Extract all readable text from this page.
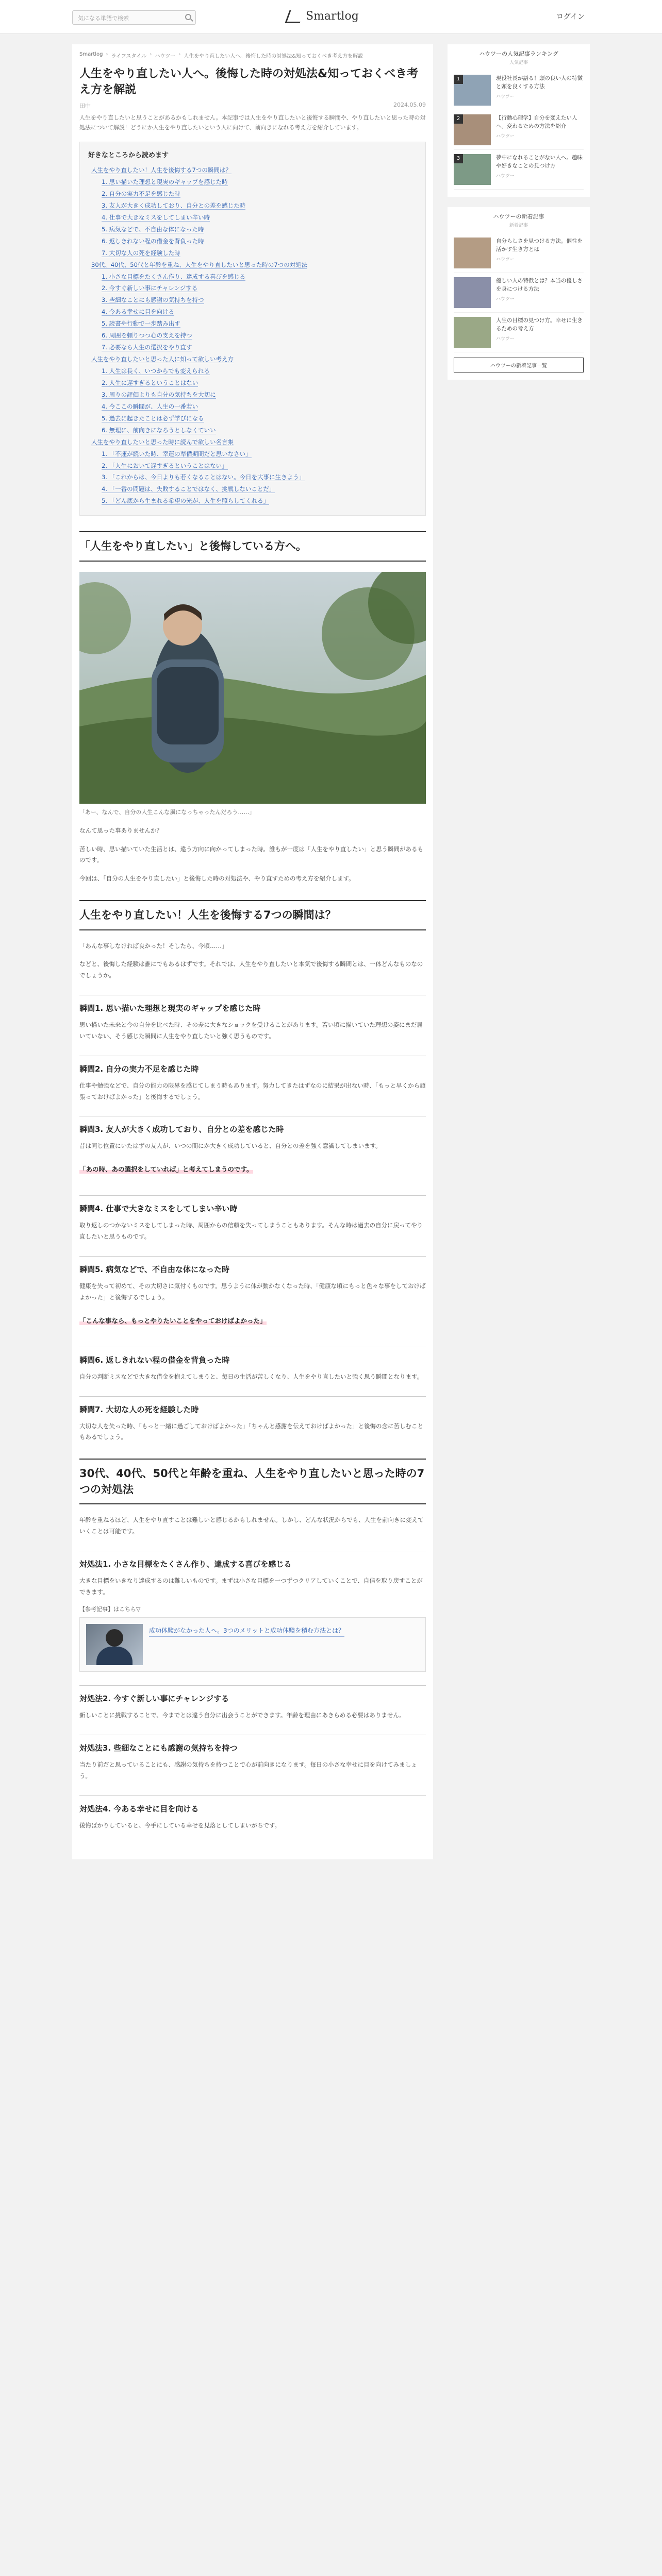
気になる単語で検索	Smartlog	ログイン
Smartlog › ライフスタイル › ハウツー › 人生をやり直したい人へ。後悔した時の対処法&知っておくべき考え方を解説
人生をやり直したい人へ。後悔した時の対処法&知っておくべき考え方を解説
田中	2024.05.09

人生をやり直したいと思うことがあるかもしれません。本記事では人生をやり直したいと後悔する瞬間や、やり直したいと思った時の対処法について解説！どうにか人生をやり直したいという人に向けて、前向きになれる考え方を紹介しています。

好きなところから読めます
人生をやり直したい！人生を後悔する7つの瞬間は？
1. 思い描いた理想と現実のギャップを感じた時
2. 自分の実力不足を感じた時
3. 友人が大きく成功しており、自分との差を感じた時
4. 仕事で大きなミスをしてしまい辛い時
5. 病気などで、不自由な体になった時
6. 返しきれない程の借金を背負った時
7. 大切な人の死を経験した時
30代、40代、50代と年齢を重ね、人生をやり直したいと思った時の7つの対処法
1. 小さな目標をたくさん作り、達成する喜びを感じる
2. 今すぐ新しい事にチャレンジする
3. 些細なことにも感謝の気持ちを持つ
4. 今ある幸せに目を向ける
5. 読書や行動で一歩踏み出す
6. 周囲を頼りつつ心の支えを持つ
7. 必要なら人生の選択をやり直す
人生をやり直したいと思った人に知って欲しい考え方
1. 人生は長く、いつからでも変えられる
2. 人生に遅すぎるということはない
3. 周りの評価よりも自分の気持ちを大切に
4. 今ここの瞬間が、人生の一番若い
5. 過去に起きたことは必ず学びになる
6. 無理に、前向きになろうとしなくていい
人生をやり直したいと思った時に読んで欲しい名言集
1. 「不運が続いた時、幸運の準備期間だと思いなさい」
2. 「人生において遅すぎるということはない」
3. 「これからは、今日よりも若くなることはない。今日を大事に生きよう」
4. 「一番の問題は、失敗することではなく、挑戦しないことだ」
5. 「どん底から生まれる希望の光が、人生を照らしてくれる」
「人生をやり直したい」と後悔している方へ。

「あー、なんで、自分の人生こんな風になっちゃったんだろう……」

なんて思った事ありませんか？

苦しい時、思い描いていた生活とは、違う方向に向かってしまった時。誰もが一度は「人生をやり直したい」と思う瞬間があるものです。

今回は、「自分の人生をやり直したい」と後悔した時の対処法や、やり直すための考え方を紹介します。

人生をやり直したい！人生を後悔する7つの瞬間は？

「あんな事しなければ良かった！そしたら、今頃……」

などと、後悔した経験は誰にでもあるはずです。それでは、人生をやり直したいと本気で後悔する瞬間とは、一体どんなものなのでしょうか。

瞬間1. 思い描いた理想と現実のギャップを感じた時

思い描いた未来と今の自分を比べた時、その差に大きなショックを受けることがあります。若い頃に描いていた理想の姿にまだ届いていない、そう感じた瞬間に人生をやり直したいと強く思うものです。

瞬間2. 自分の実力不足を感じた時

仕事や勉強などで、自分の能力の限界を感じてしまう時もあります。努力してきたはずなのに結果が出ない時、「もっと早くから頑張っておけばよかった」と後悔するでしょう。

瞬間3. 友人が大きく成功しており、自分との差を感じた時

昔は同じ位置にいたはずの友人が、いつの間にか大きく成功していると、自分との差を強く意識してしまいます。

「あの時、あの選択をしていれば」と考えてしまうのです。
瞬間4. 仕事で大きなミスをしてしまい辛い時

取り返しのつかないミスをしてしまった時、周囲からの信頼を失ってしまうこともあります。そんな時は過去の自分に戻ってやり直したいと思うものです。

瞬間5. 病気などで、不自由な体になった時

健康を失って初めて、その大切さに気付くものです。思うように体が動かなくなった時、「健康な頃にもっと色々な事をしておけばよかった」と後悔するでしょう。

「こんな事なら、もっとやりたいことをやっておけばよかった」
瞬間6. 返しきれない程の借金を背負った時

自分の判断ミスなどで大きな借金を抱えてしまうと、毎日の生活が苦しくなり、人生をやり直したいと強く思う瞬間となります。

瞬間7. 大切な人の死を経験した時

大切な人を失った時、「もっと一緒に過ごしておけばよかった」「ちゃんと感謝を伝えておけばよかった」と後悔の念に苦しむこともあるでしょう。

30代、40代、50代と年齢を重ね、人生をやり直したいと思った時の7つの対処法

年齢を重ねるほど、人生をやり直すことは難しいと感じるかもしれません。しかし、どんな状況からでも、人生を前向きに変えていくことは可能です。

対処法1. 小さな目標をたくさん作り、達成する喜びを感じる

大きな目標をいきなり達成するのは難しいものです。まずは小さな目標を一つずつクリアしていくことで、自信を取り戻すことができます。

【参考記事】はこちら▽
成功体験がなかった人へ。3つのメリットと成功体験を積む方法とは？
対処法2. 今すぐ新しい事にチャレンジする

新しいことに挑戦することで、今までとは違う自分に出会うことができます。年齢を理由にあきらめる必要はありません。

対処法3. 些細なことにも感謝の気持ちを持つ

当たり前だと思っていることにも、感謝の気持ちを持つことで心が前向きになります。毎日の小さな幸せに目を向けてみましょう。

対処法4. 今ある幸せに目を向ける

後悔ばかりしていると、今手にしている幸せを見落としてしまいがちです。

ハウツーの人気記事ランキング
人気記事
1	現役社長が語る！頭の良い人の特徴と頭を良くする方法
ハウツー
2	【行動心理学】自分を変えたい人へ。変わるための方法を紹介
ハウツー
3	夢中になれることがない人へ。趣味や好きなことの見つけ方
ハウツー
ハウツーの新着記事
新着記事
自分らしさを見つける方法。個性を活かす生き方とは
ハウツー
優しい人の特徴とは？本当の優しさを身につける方法
ハウツー
人生の目標の見つけ方。幸せに生きるための考え方
ハウツー
ハウツーの新着記事一覧
